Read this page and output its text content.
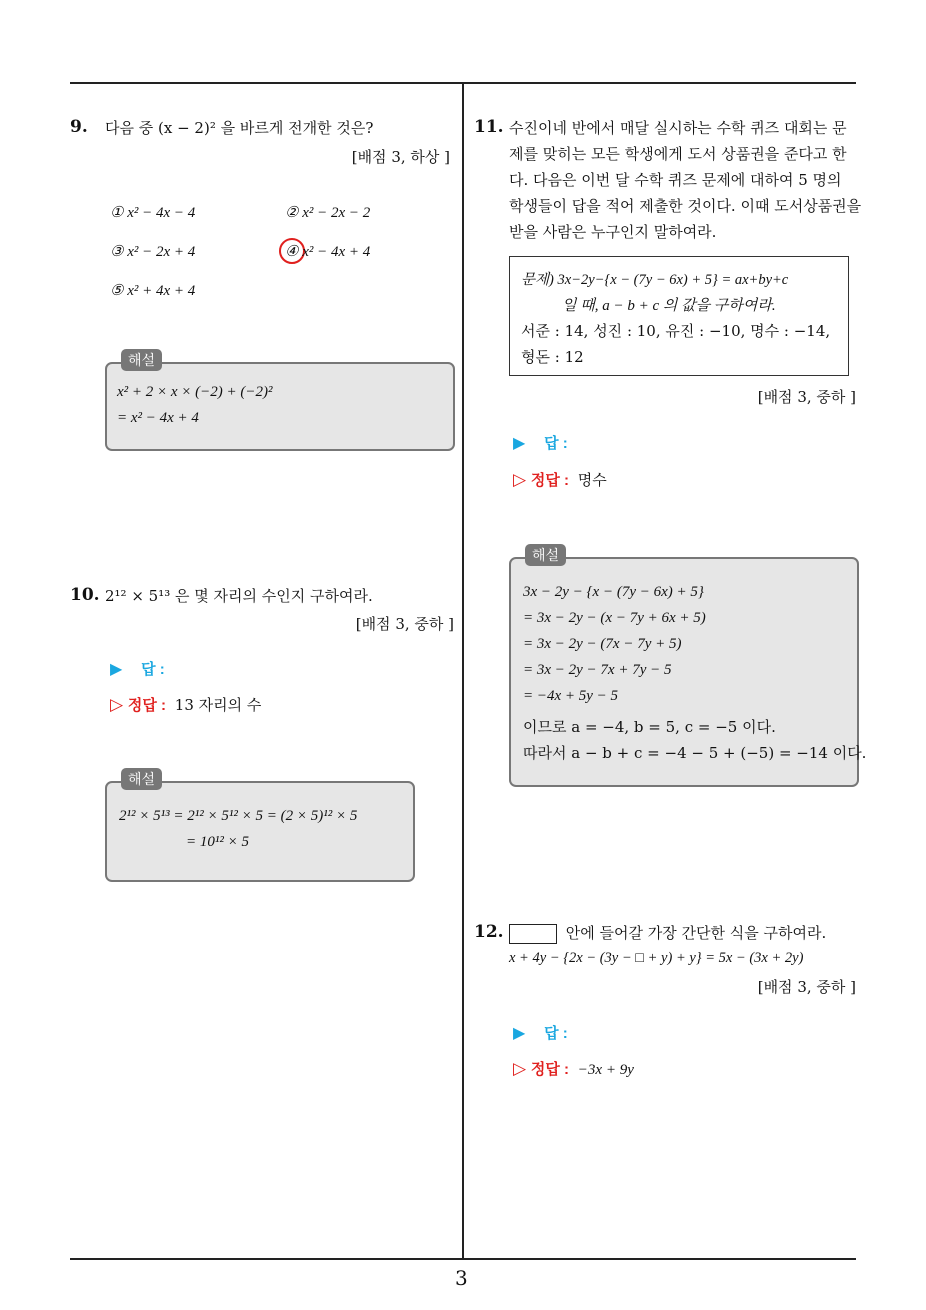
3
9. 다음 중 (x − 2)² 을 바르게 전개한 것은?
[배점 3, 하상 ]
① x² − 4x − 4	② x² − 2x − 2
③ x² − 2x + 4	④ x² − 4x + 4
⑤ x² + 4x + 4
해설
x² + 2 × x × (−2) + (−2)²
= x² − 4x + 4
10. 2¹² × 5¹³ 은 몇 자리의 수인지 구하여라.
[배점 3, 중하 ]
▶ 답 :
▷ 정답 : 13 자리의 수
해설
2¹² × 5¹³ = 2¹² × 5¹² × 5 = (2 × 5)¹² × 5
= 10¹² × 5
11. 수진이네 반에서 매달 실시하는 수학 퀴즈 대회는 문
제를 맞히는 모든 학생에게 도서 상품권을 준다고 한
다. 다음은 이번 달 수학 퀴즈 문제에 대하여 5 명의
학생들이 답을 적어 제출한 것이다. 이때 도서상품권을
받을 사람은 누구인지 말하여라.
문제) 3x−2y−{x − (7y − 6x) + 5} = ax+by+c
일 때, a − b + c 의 값을 구하여라.
서준 : 14, 성진 : 10, 유진 : −10, 명수 : −14,
형돈 : 12
[배점 3, 중하 ]
▶ 답 :
▷ 정답 : 명수
해설
3x − 2y − {x − (7y − 6x) + 5}
= 3x − 2y − (x − 7y + 6x + 5)
= 3x − 2y − (7x − 7y + 5)
= 3x − 2y − 7x + 7y − 5
= −4x + 5y − 5
이므로 a = −4, b = 5, c = −5 이다.
따라서 a − b + c = −4 − 5 + (−5) = −14 이다.
12.	안에 들어갈 가장 간단한 식을 구하여라.
x + 4y − {2x − (3y − □ + y) + y} = 5x − (3x + 2y)
[배점 3, 중하 ]
▶ 답 :
▷ 정답 : −3x + 9y
